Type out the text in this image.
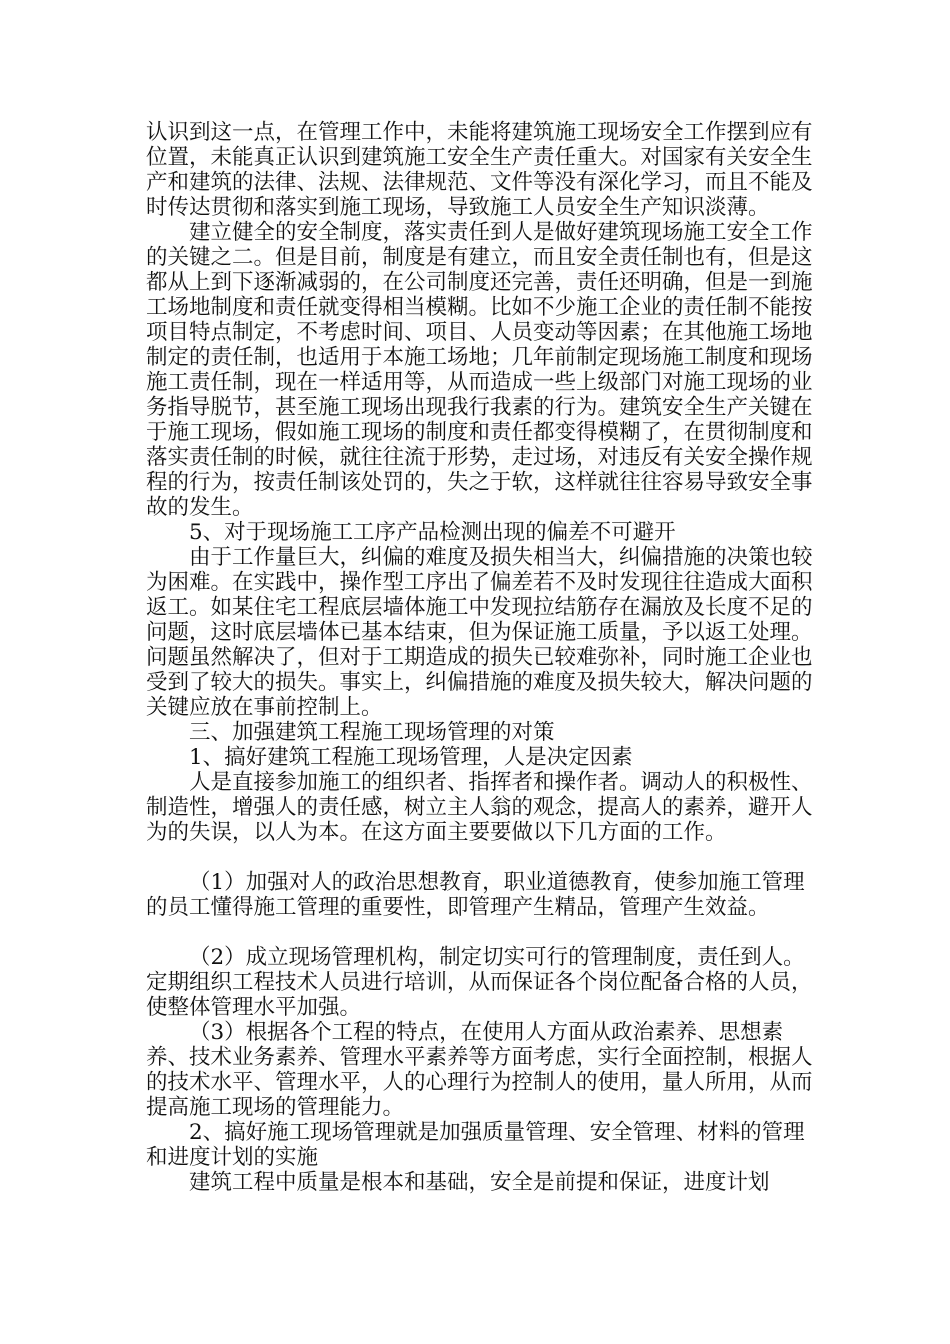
认识到这一点，在管理工作中，未能将建筑施工现场安全工作摆到应有位置，未能真正认识到建筑施工安全生产责任重大。对国家有关安全生产和建筑的法律、法规、法律规范、文件等没有深化学习，而且不能及时传达贯彻和落实到施工现场，导致施工人员安全生产知识淡薄。

建立健全的安全制度，落实责任到人是做好建筑现场施工安全工作的关键之二。但是目前，制度是有建立，而且安全责任制也有，但是这都从上到下逐渐减弱的，在公司制度还完善，责任还明确，但是一到施工场地制度和责任就变得相当模糊。比如不少施工企业的责任制不能按项目特点制定，不考虑时间、项目、人员变动等因素；在其他施工场地制定的责任制，也适用于本施工场地；几年前制定现场施工制度和现场施工责任制，现在一样适用等，从而造成一些上级部门对施工现场的业务指导脱节，甚至施工现场出现我行我素的行为。建筑安全生产关键在于施工现场，假如施工现场的制度和责任都变得模糊了，在贯彻制度和落实责任制的时候，就往往流于形势，走过场，对违反有关安全操作规程的行为，按责任制该处罚的，失之于软，这样就往往容易导致安全事故的发生。

5、对于现场施工工序产品检测出现的偏差不可避开

由于工作量巨大，纠偏的难度及损失相当大，纠偏措施的决策也较为困难。在实践中，操作型工序出了偏差若不及时发现往往造成大面积返工。如某住宅工程底层墙体施工中发现拉结筋存在漏放及长度不足的问题，这时底层墙体已基本结束，但为保证施工质量，予以返工处理。问题虽然解决了，但对于工期造成的损失已较难弥补，同时施工企业也受到了较大的损失。事实上，纠偏措施的难度及损失较大，解决问题的关键应放在事前控制上。

三、加强建筑工程施工现场管理的对策

1、搞好建筑工程施工现场管理，人是决定因素

人是直接参加施工的组织者、指挥者和操作者。调动人的积极性、制造性，增强人的责任感，树立主人翁的观念，提高人的素养，避开人为的失误，以人为本。在这方面主要要做以下几方面的工作。

（1）加强对人的政治思想教育，职业道德教育，使参加施工管理的员工懂得施工管理的重要性，即管理产生精品，管理产生效益。

（2）成立现场管理机构，制定切实可行的管理制度，责任到人。定期组织工程技术人员进行培训，从而保证各个岗位配备合格的人员，使整体管理水平加强。

（3）根据各个工程的特点，在使用人方面从政治素养、思想素养、技术业务素养、管理水平素养等方面考虑，实行全面控制，根据人的技术水平、管理水平，人的心理行为控制人的使用，量人所用，从而提高施工现场的管理能力。

2、搞好施工现场管理就是加强质量管理、安全管理、材料的管理和进度计划的实施

建筑工程中质量是根本和基础，安全是前提和保证，进度计划
